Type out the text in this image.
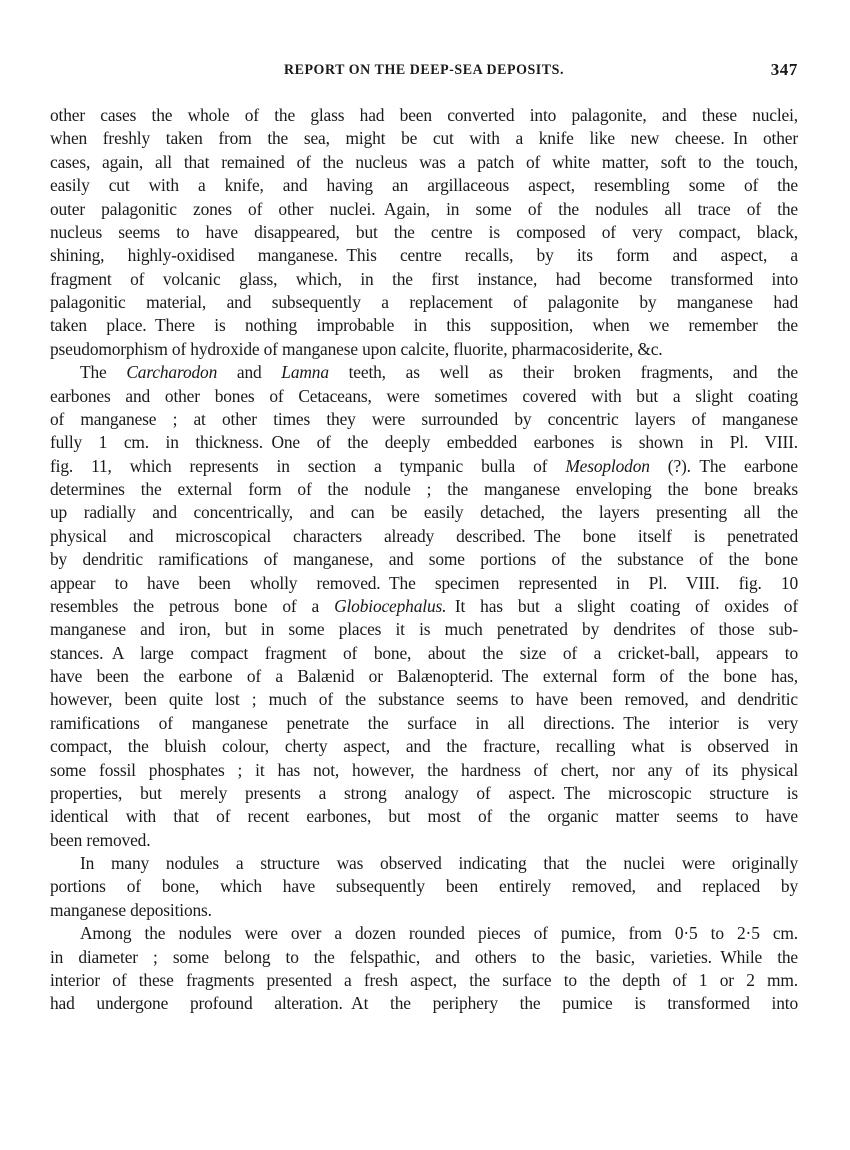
REPORT ON THE DEEP-SEA DEPOSITS.	347
other cases the whole of the glass had been converted into palagonite, and these nuclei,
when freshly taken from the sea, might be cut with a knife like new cheese. In other
cases, again, all that remained of the nucleus was a patch of white matter, soft to the touch,
easily cut with a knife, and having an argillaceous aspect, resembling some of the
outer palagonitic zones of other nuclei. Again, in some of the nodules all trace of the
nucleus seems to have disappeared, but the centre is composed of very compact, black,
shining, highly-oxidised manganese. This centre recalls, by its form and aspect, a
fragment of volcanic glass, which, in the first instance, had become transformed into
palagonitic material, and subsequently a replacement of palagonite by manganese had
taken place. There is nothing improbable in this supposition, when we remember the
pseudomorphism of hydroxide of manganese upon calcite, fluorite, pharmacosiderite, &c.
The Carcharodon and Lamna teeth, as well as their broken fragments, and the
earbones and other bones of Cetaceans, were sometimes covered with but a slight coating
of manganese ; at other times they were surrounded by concentric layers of manganese
fully 1 cm. in thickness. One of the deeply embedded earbones is shown in Pl. VIII.
fig. 11, which represents in section a tympanic bulla of Mesoplodon (?). The earbone
determines the external form of the nodule ; the manganese enveloping the bone breaks
up radially and concentrically, and can be easily detached, the layers presenting all the
physical and microscopical characters already described. The bone itself is penetrated
by dendritic ramifications of manganese, and some portions of the substance of the bone
appear to have been wholly removed. The specimen represented in Pl. VIII. fig. 10
resembles the petrous bone of a Globiocephalus. It has but a slight coating of oxides of
manganese and iron, but in some places it is much penetrated by dendrites of those sub-
stances. A large compact fragment of bone, about the size of a cricket-ball, appears to
have been the earbone of a Balænid or Balænopterid. The external form of the bone has,
however, been quite lost ; much of the substance seems to have been removed, and dendritic
ramifications of manganese penetrate the surface in all directions. The interior is very
compact, the bluish colour, cherty aspect, and the fracture, recalling what is observed in
some fossil phosphates ; it has not, however, the hardness of chert, nor any of its physical
properties, but merely presents a strong analogy of aspect. The microscopic structure is
identical with that of recent earbones, but most of the organic matter seems to have
been removed.
In many nodules a structure was observed indicating that the nuclei were originally
portions of bone, which have subsequently been entirely removed, and replaced by
manganese depositions.
Among the nodules were over a dozen rounded pieces of pumice, from 0·5 to 2·5 cm.
in diameter ; some belong to the felspathic, and others to the basic, varieties. While the
interior of these fragments presented a fresh aspect, the surface to the depth of 1 or 2 mm.
had undergone profound alteration. At the periphery the pumice is transformed into
